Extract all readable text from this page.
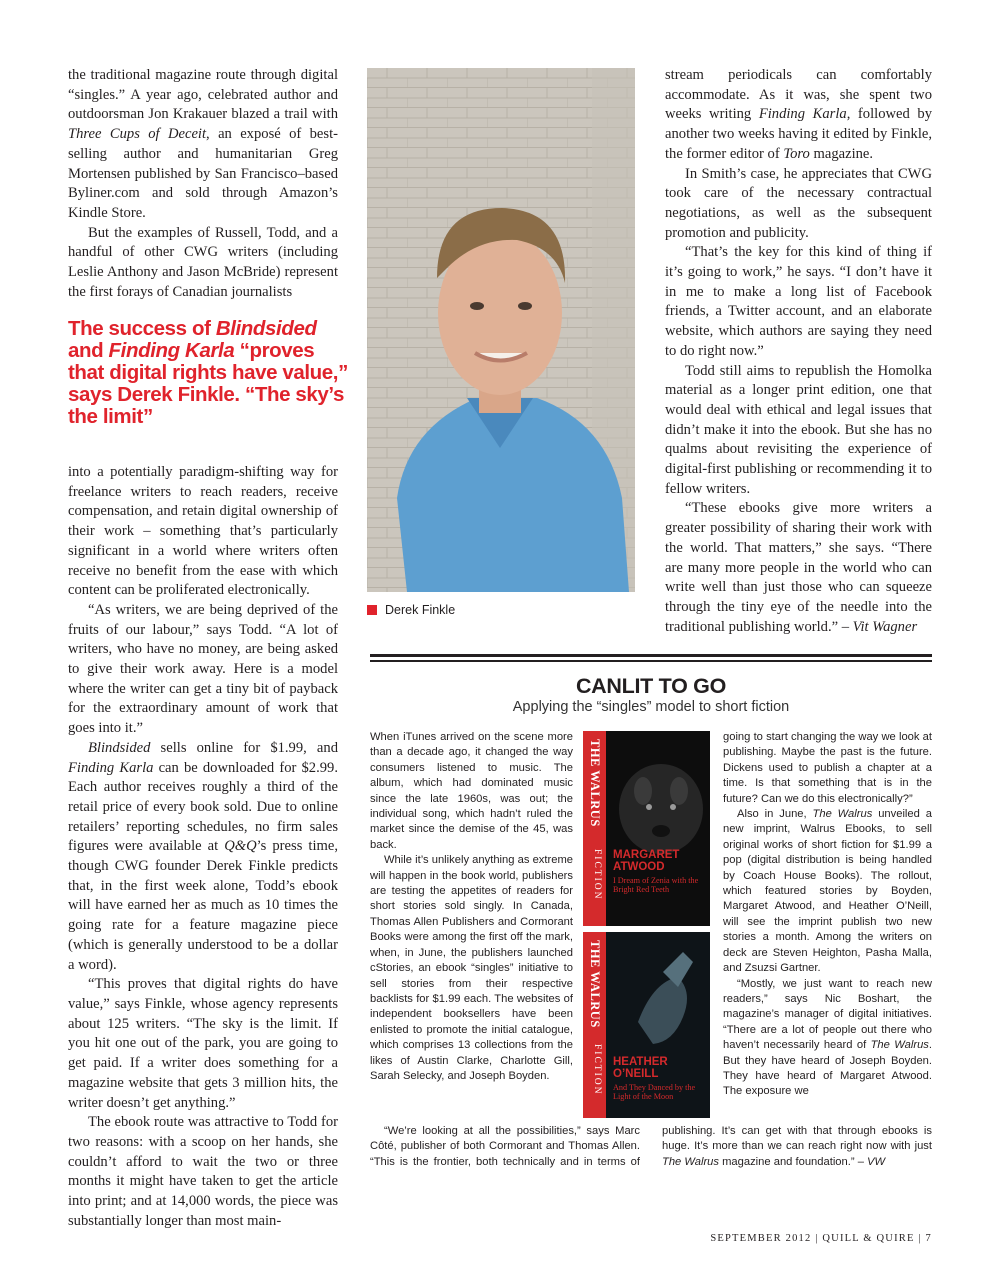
the traditional magazine route through digital “singles.” A year ago, celebrated author and outdoorsman Jon Krakauer blazed a trail with Three Cups of Deceit, an exposé of best-selling author and humanitarian Greg Mortensen published by San Francisco–based Byliner.com and sold through Amazon’s Kindle Store.

But the examples of Russell, Todd, and a handful of other CWG writers (including Leslie Anthony and Jason McBride) represent the first forays of Canadian journalists

The success of Blindsided and Finding Karla “proves that digital rights have value,” says Derek Finkle. “The sky’s the limit”

into a potentially paradigm-shifting way for freelance writers to reach readers, receive compensation, and retain digital ownership of their work – something that’s particularly significant in a world where writers often receive no benefit from the ease with which content can be proliferated electronically.

“As writers, we are being deprived of the fruits of our labour,” says Todd. “A lot of writers, who have no money, are being asked to give their work away. Here is a model where the writer can get a tiny bit of payback for the extraordinary amount of work that goes into it.”

Blindsided sells online for $1.99, and Finding Karla can be downloaded for $2.99. Each author receives roughly a third of the retail price of every book sold. Due to online retailers’ reporting schedules, no firm sales figures were available at Q&Q’s press time, though CWG founder Derek Finkle predicts that, in the first week alone, Todd’s ebook will have earned her as much as 10 times the going rate for a feature magazine piece (which is generally understood to be a dollar a word).

“This proves that digital rights do have value,” says Finkle, whose agency represents about 125 writers. “The sky is the limit. If you hit one out of the park, you are going to get paid. If a writer does something for a magazine website that gets 3 million hits, the writer doesn’t get anything.”

The ebook route was attractive to Todd for two reasons: with a scoop on her hands, she couldn’t afford to wait the two or three months it might have taken to get the article into print; and at 14,000 words, the piece was substantially longer than most main-

Derek Finkle

stream periodicals can comfortably accommodate. As it was, she spent two weeks writing Finding Karla, followed by another two weeks having it edited by Finkle, the former editor of Toro magazine.

In Smith’s case, he appreciates that CWG took care of the necessary contractual negotiations, as well as the subsequent promotion and publicity.

“That’s the key for this kind of thing if it’s going to work,” he says. “I don’t have it in me to make a long list of Facebook friends, a Twitter account, and an elaborate website, which authors are saying they need to do right now.”

Todd still aims to republish the Homolka material as a longer print edition, one that would deal with ethical and legal issues that didn’t make it into the ebook. But she has no qualms about revisiting the experience of digital-first publishing or recommending it to fellow writers.

“These ebooks give more writers a greater possibility of sharing their work with the world. That matters,” she says. “There are many more people in the world who can write well than just those who can squeeze through the tiny eye of the needle into the traditional publishing world.” – Vit Wagner

CANLIT TO GO
Applying the “singles” model to short fiction

When iTunes arrived on the scene more than a decade ago, it changed the way consumers listened to music. The album, which had dominated music since the late 1960s, was out; the individual song, which hadn’t ruled the market since the demise of the 45, was back.

While it’s unlikely anything as extreme will happen in the book world, publishers are testing the appetites of readers for short stories sold singly. In Canada, Thomas Allen Publishers and Cormorant Books were among the first off the mark, when, in June, the publishers launched cStories, an ebook “singles” initiative to sell stories from their respective backlists for $1.99 each. The websites of independent booksellers have been enlisted to promote the initial catalogue, which comprises 13 collections from the likes of Austin Clarke, Charlotte Gill, Sarah Selecky, and Joseph Boyden.

“We’re looking at all the possibilities,” says Marc Côté, publisher of both Cormorant and Thomas Allen. “This is the frontier, both technically and in terms of publishing. It’s can get with that through ebooks is huge. It’s more than we can reach right now with just The Walrus magazine and foundation.” – VW

going to start changing the way we look at publishing. Maybe the past is the future. Dickens used to publish a chapter at a time. Is that something that is in the future? Can we do this electronically?”

Also in June, The Walrus unveiled a new imprint, Walrus Ebooks, to sell original works of short fiction for $1.99 a pop (digital distribution is being handled by Coach House Books). The rollout, which featured stories by Boyden, Margaret Atwood, and Heather O’Neill, will see the imprint publish two new stories a month. Among the writers on deck are Steven Heighton, Pasha Malla, and Zsuzsi Gartner.

“Mostly, we just want to reach new readers,” says Nic Boshart, the magazine’s manager of digital initiatives. “There are a lot of people out there who haven’t necessarily heard of The Walrus. But they have heard of Joseph Boyden. They have heard of Margaret Atwood. The exposure we

THE WALRUS
FICTION MARGARET ATWOOD
I Dream of Zenia with the Bright Red Teeth
THE WALRUS
FICTION HEATHER O’NEILL
And They Danced by the Light of the Moon
SEPTEMBER 2012 | QUILL & QUIRE | 7
